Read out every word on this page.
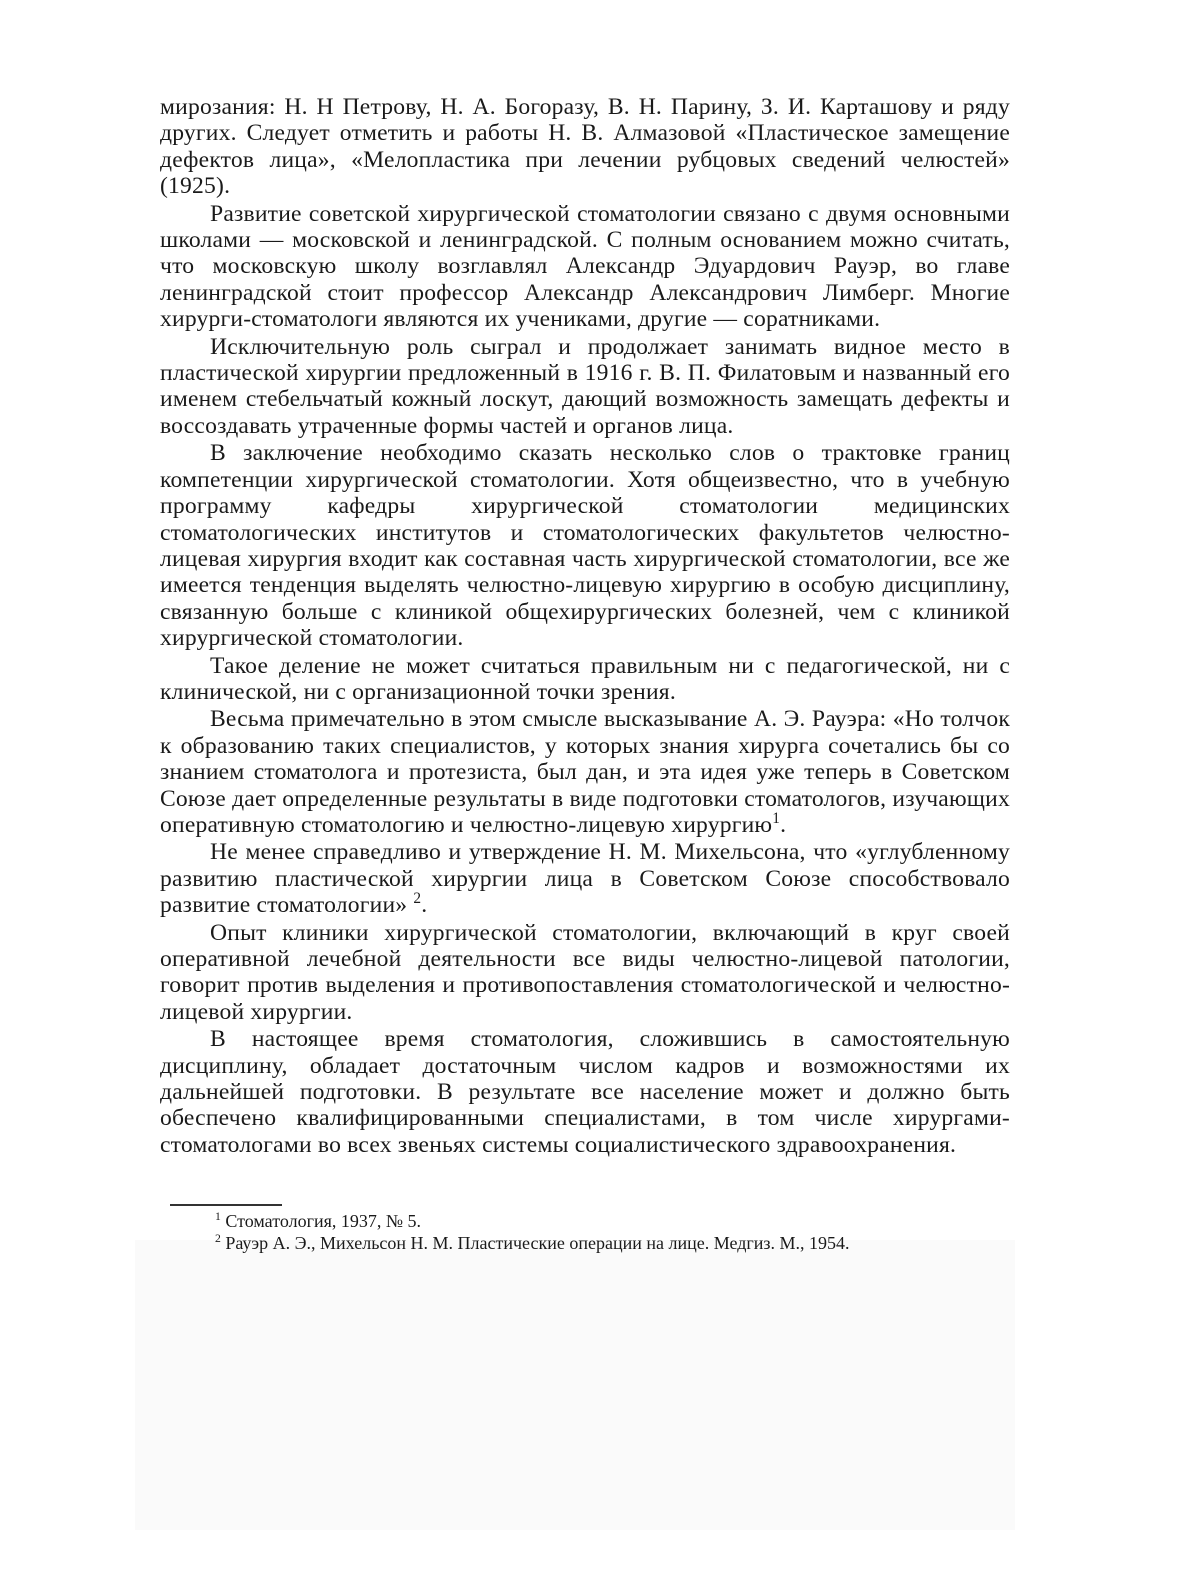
мирозания: Н. Н Петрову, Н. А. Богоразу, В. Н. Парину, З. И. Карташову и ряду других. Следует отметить и работы Н. В. Алмазовой «Пластическое замещение дефектов лица», «Мелопластика при лечении рубцовых сведений челюстей» (1925).

Развитие советской хирургической стоматологии связано с двумя основными школами — московской и ленинградской. С полным основанием можно считать, что московскую школу возглавлял Александр Эдуардович Рауэр, во главе ленинградской стоит профессор Александр Александрович Лимберг. Многие хирурги-стоматологи являются их учениками, другие — соратниками.

Исключительную роль сыграл и продолжает занимать видное место в пластической хирургии предложенный в 1916 г. В. П. Филатовым и названный его именем стебельчатый кожный лоскут, дающий возможность замещать дефекты и воссоздавать утраченные формы частей и органов лица.

В заключение необходимо сказать несколько слов о трактовке границ компетенции хирургической стоматологии. Хотя общеизвестно, что в учебную программу кафедры хирургической стоматологии медицинских стоматологических институтов и стоматологических факультетов челюстно-лицевая хирургия входит как составная часть хирургической стоматологии, все же имеется тенденция выделять челюстно-лицевую хирургию в особую дисциплину, связанную больше с клиникой общехирургических болезней, чем с клиникой хирургической стоматологии.

Такое деление не может считаться правильным ни с педагогической, ни с клинической, ни с организационной точки зрения.

Весьма примечательно в этом смысле высказывание А. Э. Рауэра: «Но толчок к образованию таких специалистов, у которых знания хирурга сочетались бы со знанием стоматолога и протезиста, был дан, и эта идея уже теперь в Советском Союзе дает определенные результаты в виде подготовки стоматологов, изучающих оперативную стоматологию и челюстно-лицевую хирургию$^1$.

Не менее справедливо и утверждение Н. М. Михельсона, что «углубленному развитию пластической хирургии лица в Советском Союзе способствовало развитие стоматологии» $^2$.

Опыт клиники хирургической стоматологии, включающий в круг своей оперативной лечебной деятельности все виды челюстно-лицевой патологии, говорит против выделения и противопоставления стоматологической и челюстно-лицевой хирургии.

В настоящее время стоматология, сложившись в самостоятельную дисциплину, обладает достаточным числом кадров и возможностями их дальнейшей подготовки. В результате все население может и должно быть обеспечено квалифицированными специалистами, в том числе хирургами-стоматологами во всех звеньях системы социалистического здравоохранения.

$^1$ Стоматология, 1937, № 5.

$^2$ Рауэр А. Э., Михельсон Н. М. Пластические операции на лице. Медгиз. М., 1954.
